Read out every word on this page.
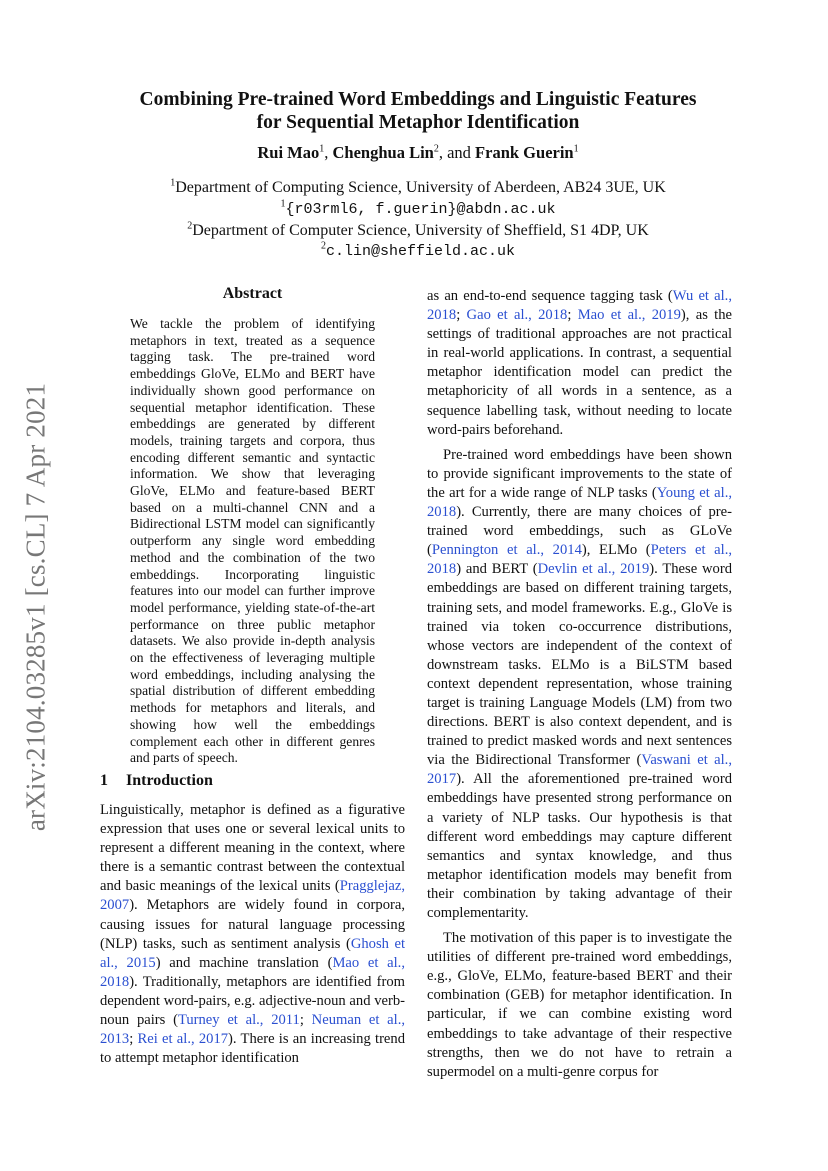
arXiv:2104.03285v1 [cs.CL] 7 Apr 2021
Combining Pre-trained Word Embeddings and Linguistic Features
for Sequential Metaphor Identification
Rui Mao$^1$, Chenghua Lin$^2$, and Frank Guerin$^1$
$^1$Department of Computing Science, University of Aberdeen, AB24 3UE, UK
$^1${r03rml6, f.guerin}@abdn.ac.uk
$^2$Department of Computer Science, University of Sheffield, S1 4DP, UK
$^2$c.lin@sheffield.ac.uk
Abstract
We tackle the problem of identifying metaphors in text, treated as a sequence tagging task. The pre-trained word embeddings GloVe, ELMo and BERT have individually shown good performance on sequential metaphor identification. These embeddings are generated by different models, training targets and corpora, thus encoding different semantic and syntactic information. We show that leveraging GloVe, ELMo and feature-based BERT based on a multi-channel CNN and a Bidirectional LSTM model can significantly outperform any single word embedding method and the combination of the two embeddings. Incorporating linguistic features into our model can further improve model performance, yielding state-of-the-art performance on three public metaphor datasets. We also provide in-depth analysis on the effectiveness of leveraging multiple word embeddings, including analysing the spatial distribution of different embedding methods for metaphors and literals, and showing how well the embeddings complement each other in different genres and parts of speech.
1 Introduction
Linguistically, metaphor is defined as a figurative expression that uses one or several lexical units to represent a different meaning in the context, where there is a semantic contrast between the contextual and basic meanings of the lexical units (Pragglejaz, 2007). Metaphors are widely found in corpora, causing issues for natural language processing (NLP) tasks, such as sentiment analysis (Ghosh et al., 2015) and machine translation (Mao et al., 2018). Traditionally, metaphors are identified from dependent word-pairs, e.g. adjective-noun and verb-noun pairs (Turney et al., 2011; Neuman et al., 2013; Rei et al., 2017). There is an increasing trend to attempt metaphor identification

as an end-to-end sequence tagging task (Wu et al., 2018; Gao et al., 2018; Mao et al., 2019), as the settings of traditional approaches are not practical in real-world applications. In contrast, a sequential metaphor identification model can predict the metaphoricity of all words in a sentence, as a sequence labelling task, without needing to locate word-pairs beforehand.

Pre-trained word embeddings have been shown to provide significant improvements to the state of the art for a wide range of NLP tasks (Young et al., 2018). Currently, there are many choices of pre-trained word embeddings, such as GLoVe (Pennington et al., 2014), ELMo (Peters et al., 2018) and BERT (Devlin et al., 2019). These word embeddings are based on different training targets, training sets, and model frameworks. E.g., GloVe is trained via token co-occurrence distributions, whose vectors are independent of the context of downstream tasks. ELMo is a BiLSTM based context dependent representation, whose training target is training Language Models (LM) from two directions. BERT is also context dependent, and is trained to predict masked words and next sentences via the Bidirectional Transformer (Vaswani et al., 2017). All the aforementioned pre-trained word embeddings have presented strong performance on a variety of NLP tasks. Our hypothesis is that different word embeddings may capture different semantics and syntax knowledge, and thus metaphor identification models may benefit from their combination by taking advantage of their complementarity.

The motivation of this paper is to investigate the utilities of different pre-trained word embeddings, e.g., GloVe, ELMo, feature-based BERT and their combination (GEB) for metaphor identification. In particular, if we can combine existing word embeddings to take advantage of their respective strengths, then we do not have to retrain a supermodel on a multi-genre corpus for
